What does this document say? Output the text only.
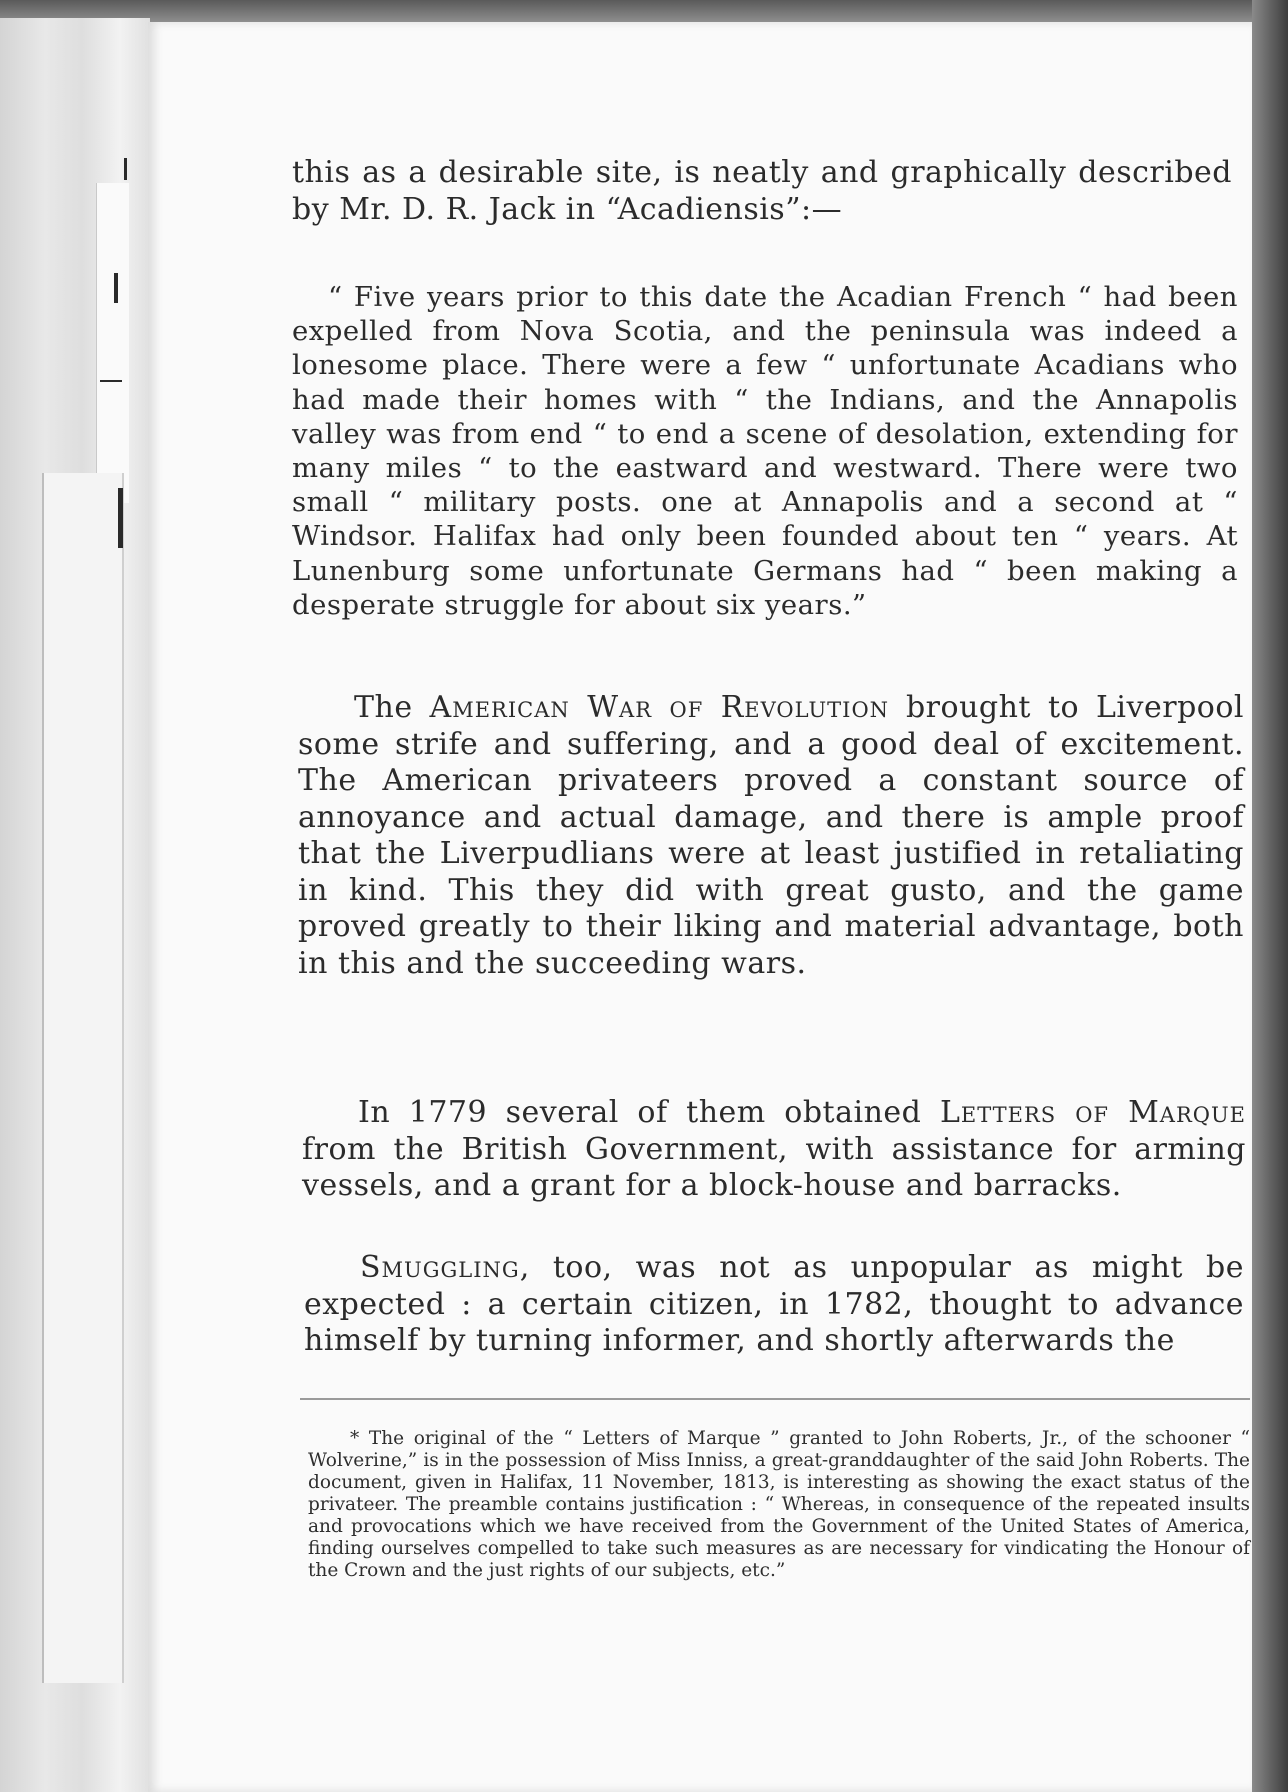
this as a desirable site, is neatly and graphically described by Mr. D. R. Jack in “Acadiensis”:—

“ Five years prior to this date the Acadian French “ had been expelled from Nova Scotia, and the peninsula was indeed a lonesome place. There were a few “ unfortunate Acadians who had made their homes with “ the Indians, and the Annapolis valley was from end “ to end a scene of desolation, extending for many miles “ to the eastward and westward. There were two small “ military posts. one at Annapolis and a second at “ Windsor. Halifax had only been founded about ten “ years. At Lunenburg some unfortunate Germans had “ been making a desperate struggle for about six years.”

The American War of Revolution brought to Liverpool some strife and suffering, and a good deal of excitement. The American privateers proved a constant source of annoyance and actual damage, and there is ample proof that the Liverpudlians were at least justified in retaliating in kind. This they did with great gusto, and the game proved greatly to their liking and material advantage, both in this and the succeeding wars.

In 1779 several of them obtained Letters of Marque from the British Government, with assistance for arming vessels, and a grant for a block-house and barracks.

Smuggling, too, was not as unpopular as might be expected : a certain citizen, in 1782, thought to advance himself by turning informer, and shortly afterwards the

* The original of the “ Letters of Marque ” granted to John Roberts, Jr., of the schooner “ Wolverine,” is in the possession of Miss Inniss, a great-granddaughter of the said John Roberts. The document, given in Halifax, 11 November, 1813, is interesting as showing the exact status of the privateer. The preamble contains justification : “ Whereas, in consequence of the repeated insults and provocations which we have received from the Government of the United States of America, finding ourselves compelled to take such measures as are necessary for vindicating the Honour of the Crown and the just rights of our subjects, etc.”
